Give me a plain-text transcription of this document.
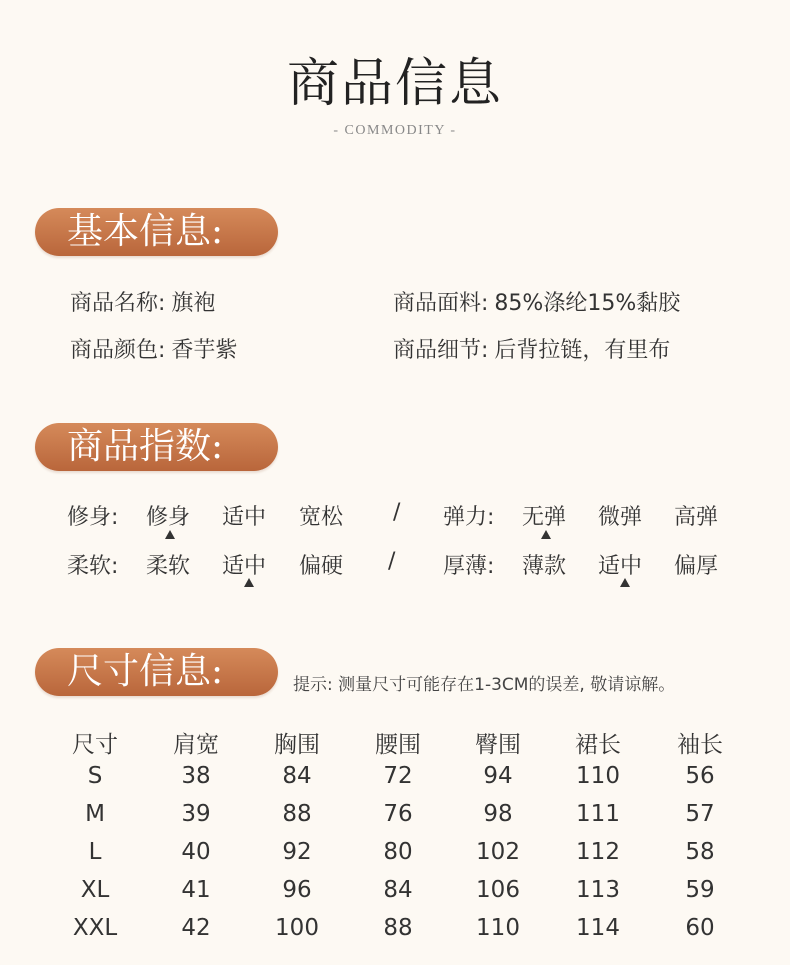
商品信息
- COMMODITY -
基本信息:
商品名称: 旗袍	商品面料: 85%涤纶15%黏胶
商品颜色: 香芋紫	商品细节: 后背拉链，有里布
商品指数:
修身: 修身 适中 宽松 / 弹力: 无弹 微弹 高弹
柔软: 柔软 适中 偏硬 / 厚薄: 薄款 适中 偏厚
尺寸信息:	提示: 测量尺寸可能存在1-3CM的误差, 敬请谅解。
尺寸	肩宽	胸围	腰围	臀围	裙长	袖长
S	38	84	72	94	110	56
M	39	88	76	98	111	57
L	40	92	80	102	112	58
XL	41	96	84	106	113	59
XXL	42	100	88	110	114	60
